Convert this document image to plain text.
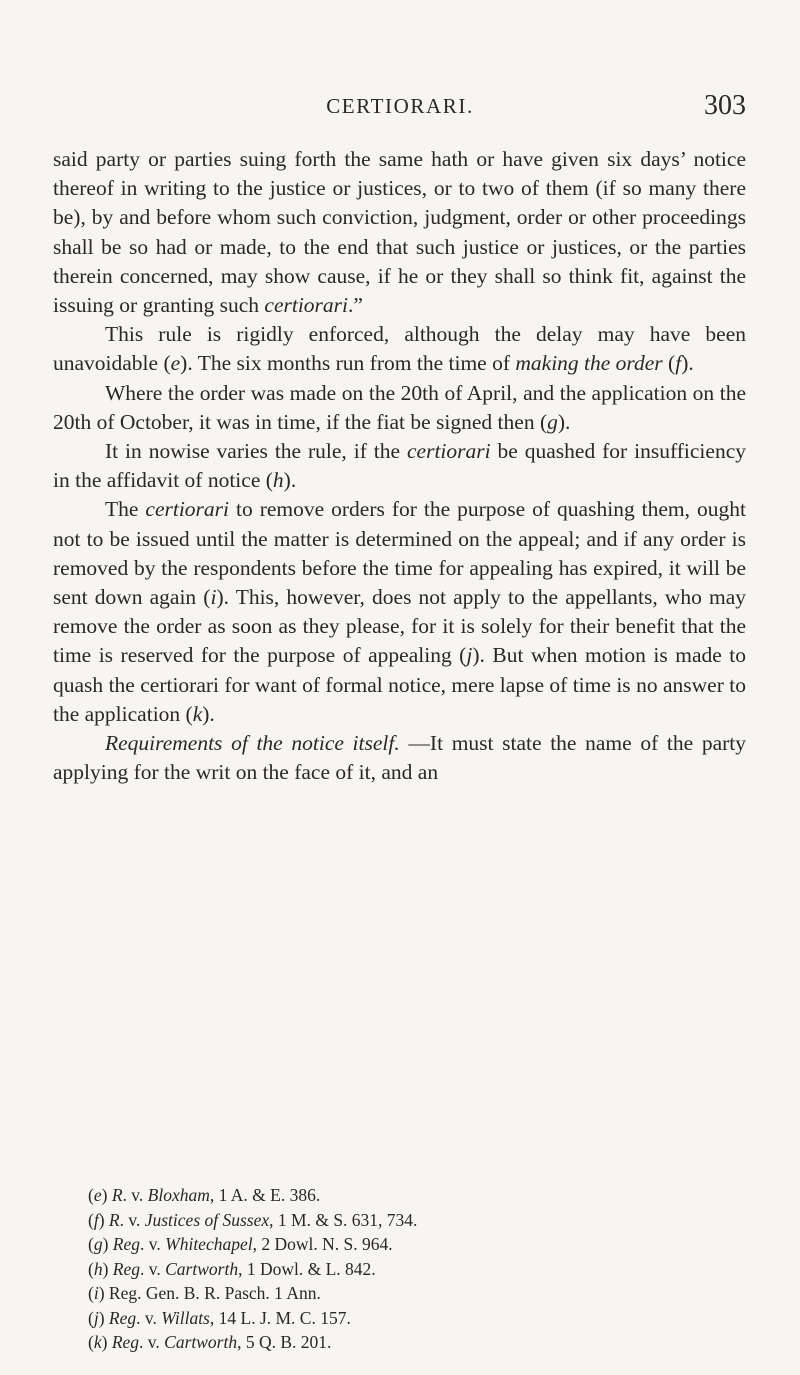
CERTIORARI.	303

said party or parties suing forth the same hath or have given six days’ notice thereof in writing to the justice or justices, or to two of them (if so many there be), by and before whom such conviction, judgment, order or other proceedings shall be so had or made, to the end that such justice or justices, or the parties therein concerned, may show cause, if he or they shall so think fit, against the issuing or granting such certiorari.”

This rule is rigidly enforced, although the delay may have been unavoidable (e). The six months run from the time of making the order (f).

Where the order was made on the 20th of April, and the application on the 20th of October, it was in time, if the fiat be signed then (g).

It in nowise varies the rule, if the certiorari be quashed for insufficiency in the affidavit of notice (h).

The certiorari to remove orders for the purpose of quashing them, ought not to be issued until the matter is determined on the appeal; and if any order is removed by the respondents before the time for appealing has expired, it will be sent down again (i). This, however, does not apply to the appellants, who may remove the order as soon as they please, for it is solely for their benefit that the time is reserved for the purpose of appealing (j). But when motion is made to quash the certiorari for want of formal notice, mere lapse of time is no answer to the application (k).

Requirements of the notice itself. —It must state the name of the party applying for the writ on the face of it, and an

(e) R. v. Bloxham, 1 A. & E. 386.
(f) R. v. Justices of Sussex, 1 M. & S. 631, 734.
(g) Reg. v. Whitechapel, 2 Dowl. N. S. 964.
(h) Reg. v. Cartworth, 1 Dowl. & L. 842.
(i) Reg. Gen. B. R. Pasch. 1 Ann.
(j) Reg. v. Willats, 14 L. J. M. C. 157.
(k) Reg. v. Cartworth, 5 Q. B. 201.
